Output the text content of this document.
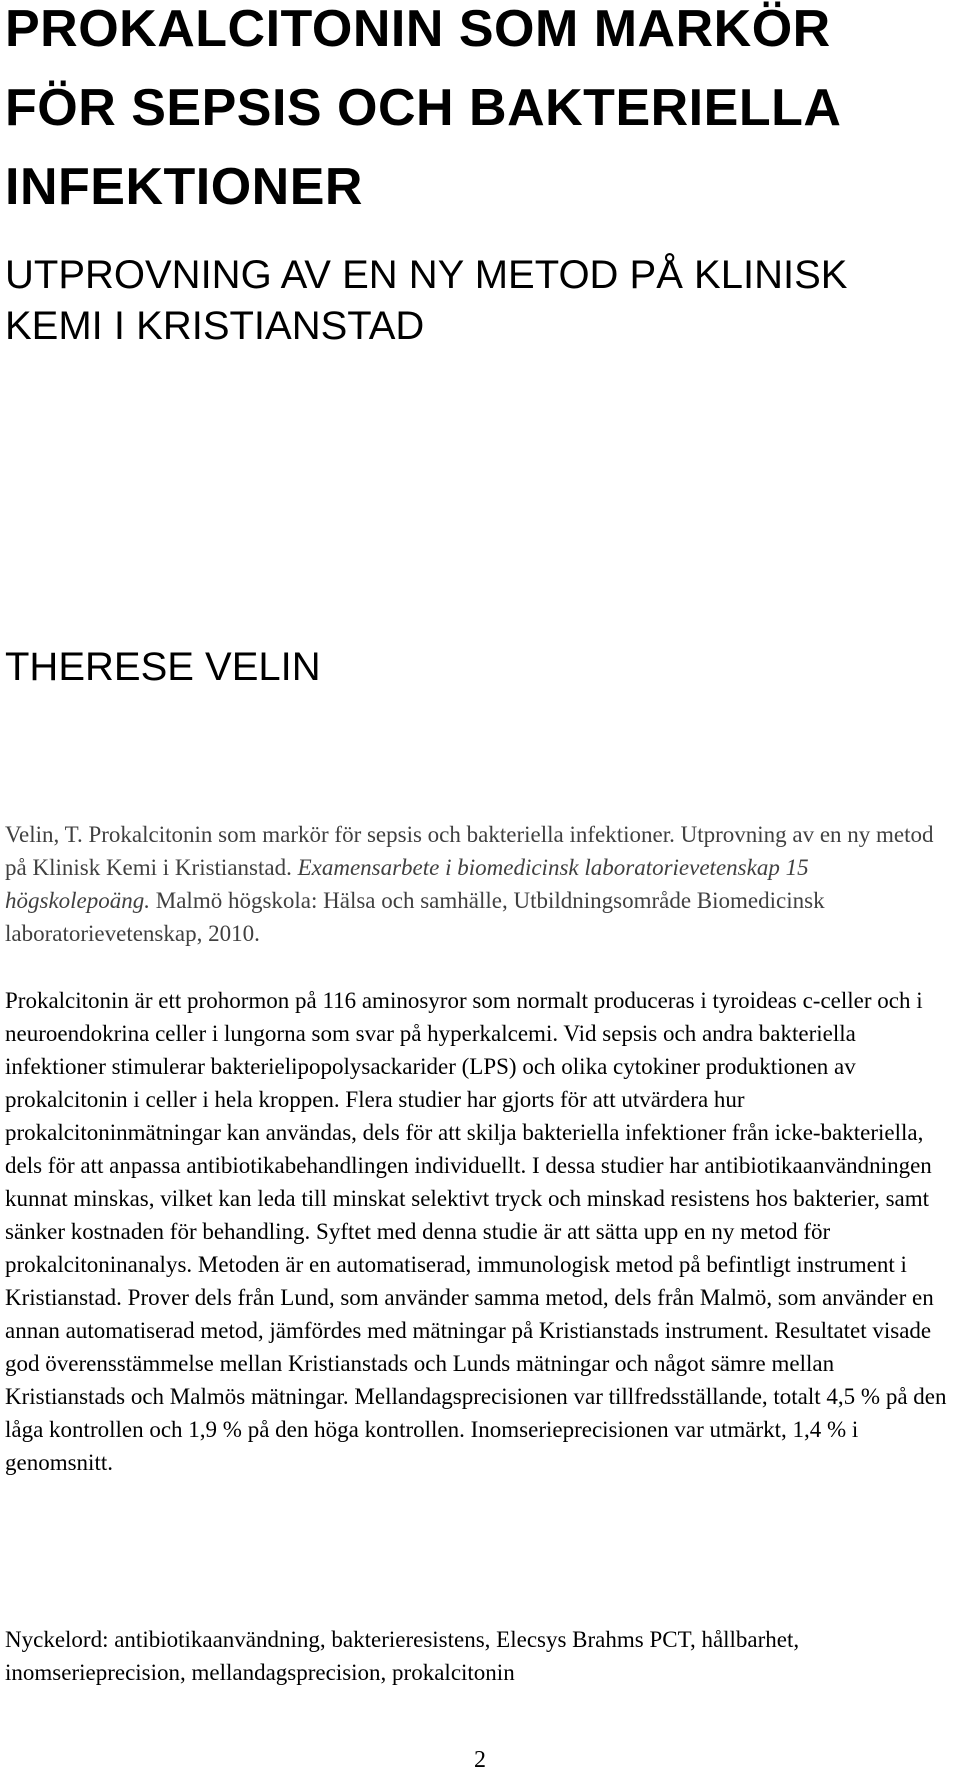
PROKALCITONIN SOM MARKÖR FÖR SEPSIS OCH BAKTERIELLA INFEKTIONER
UTPROVNING AV EN NY METOD PÅ KLINISK KEMI I KRISTIANSTAD
THERESE VELIN

Velin, T. Prokalcitonin som markör för sepsis och bakteriella infektioner. Utprovning av en ny metod på Klinisk Kemi i Kristianstad. Examensarbete i biomedicinsk laboratorievetenskap 15 högskolepoäng. Malmö högskola: Hälsa och samhälle, Utbildningsområde Biomedicinsk laboratorievetenskap, 2010.

Prokalcitonin är ett prohormon på 116 aminosyror som normalt produceras i tyroideas c-celler och i neuroendokrina celler i lungorna som svar på hyperkalcemi. Vid sepsis och andra bakteriella infektioner stimulerar bakterielipopolysackarider (LPS) och olika cytokiner produktionen av prokalcitonin i celler i hela kroppen. Flera studier har gjorts för att utvärdera hur prokalcitoninmätningar kan användas, dels för att skilja bakteriella infektioner från icke-bakteriella, dels för att anpassa antibiotikabehandlingen individuellt. I dessa studier har antibiotikaanvändningen kunnat minskas, vilket kan leda till minskat selektivt tryck och minskad resistens hos bakterier, samt sänker kostnaden för behandling. Syftet med denna studie är att sätta upp en ny metod för prokalcitoninanalys. Metoden är en automatiserad, immunologisk metod på befintligt instrument i Kristianstad. Prover dels från Lund, som använder samma metod, dels från Malmö, som använder en annan automatiserad metod, jämfördes med mätningar på Kristianstads instrument. Resultatet visade god överensstämmelse mellan Kristianstads och Lunds mätningar och något sämre mellan Kristianstads och Malmös mätningar. Mellandagsprecisionen var tillfredsställande, totalt 4,5 % på den låga kontrollen och 1,9 % på den höga kontrollen. Inomserieprecisionen var utmärkt, 1,4 % i genomsnitt.

Nyckelord: antibiotikaanvändning, bakterieresistens, Elecsys Brahms PCT, hållbarhet, inomserieprecision, mellandagsprecision, prokalcitonin

2
